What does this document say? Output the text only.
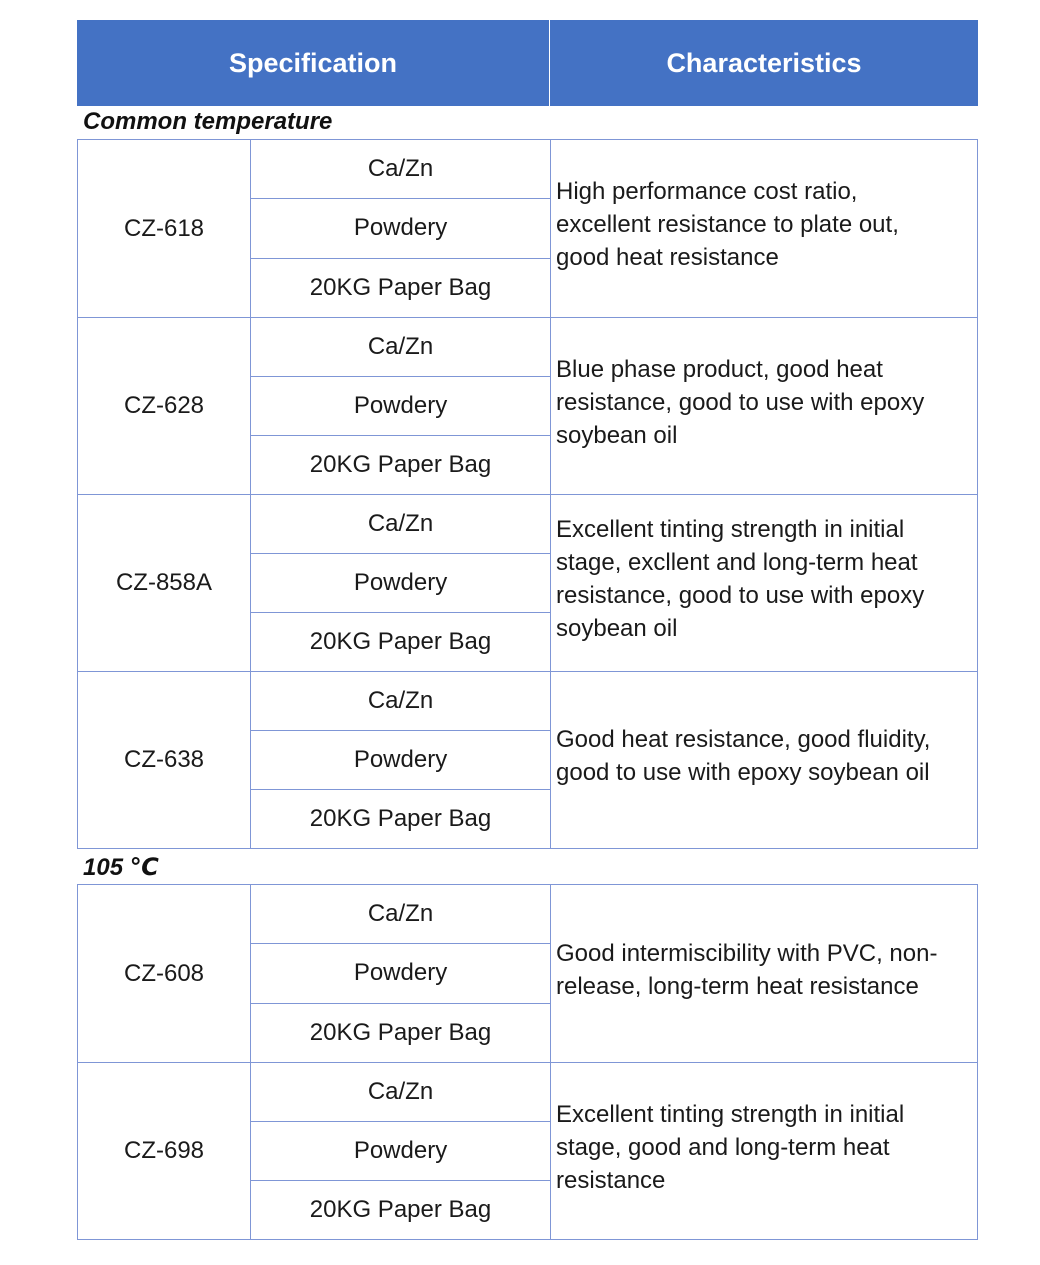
Specification	Characteristics
Common temperature
CZ-618
Ca/Zn
Powdery
20KG Paper Bag
High performance cost ratio,
excellent resistance to plate out,
good heat resistance
CZ-628
Ca/Zn
Powdery
20KG Paper Bag
Blue phase product, good heat
resistance, good to use with epoxy
soybean oil
CZ-858A
Ca/Zn
Powdery
20KG Paper Bag
Excellent tinting strength in initial
stage, excllent and long-term heat
resistance, good to use with epoxy
soybean oil
CZ-638
Ca/Zn
Powdery
20KG Paper Bag
Good heat resistance, good fluidity,
good to use with epoxy soybean oil
105 ℃
CZ-608
Ca/Zn
Powdery
20KG Paper Bag
Good intermiscibility with PVC, non-
release, long-term heat resistance
CZ-698
Ca/Zn
Powdery
20KG Paper Bag
Excellent tinting strength in initial
stage, good and long-term heat
resistance
